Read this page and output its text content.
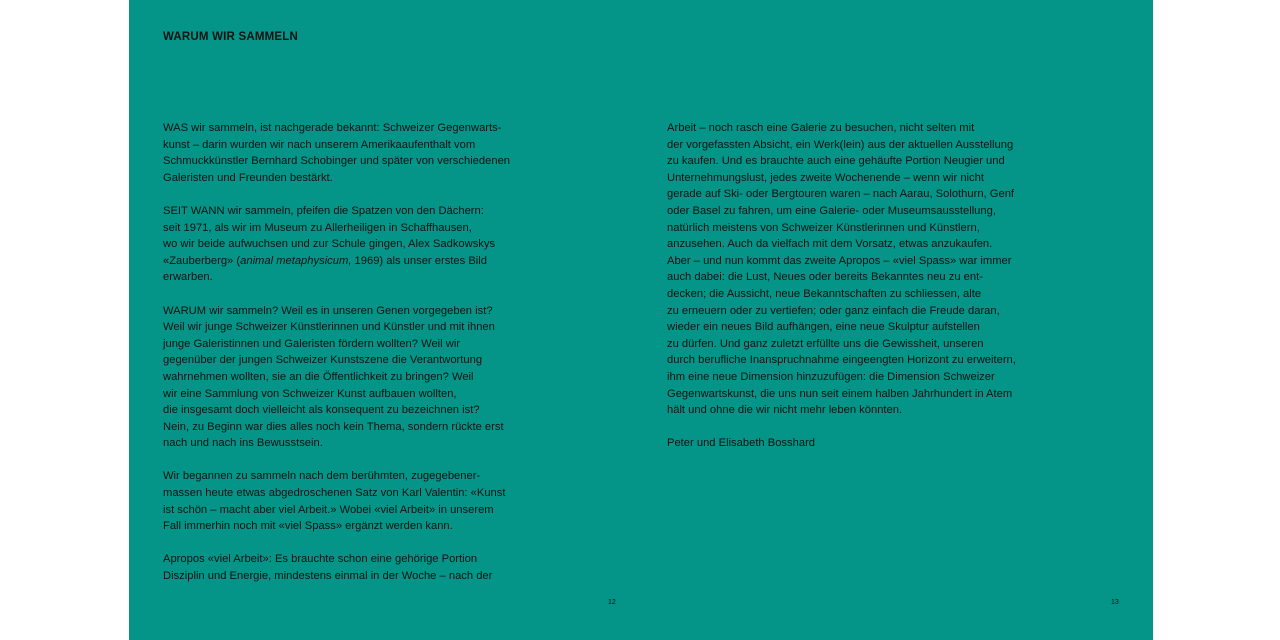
WARUM WIR SAMMELN

WAS wir sammeln, ist nachgerade bekannt: Schweizer Gegenwarts-
kunst – darin wurden wir nach unserem Amerikaaufenthalt vom
Schmuckkünstler Bernhard Schobinger und später von verschiedenen
Galeristen und Freunden bestärkt.

SEIT WANN wir sammeln, pfeifen die Spatzen von den Dächern:
seit 1971, als wir im Museum zu Allerheiligen in Schaffhausen,
wo wir beide aufwuchsen und zur Schule gingen, Alex Sadkowskys
«Zauberberg» (animal metaphysicum, 1969) als unser erstes Bild
erwarben.

WARUM wir sammeln? Weil es in unseren Genen vorgegeben ist?
Weil wir junge Schweizer Künstlerinnen und Künstler und mit ihnen
junge Galeristinnen und Galeristen fördern wollten? Weil wir
gegenüber der jungen Schweizer Kunstszene die Verantwortung
wahrnehmen wollten, sie an die Öffentlichkeit zu bringen? Weil
wir eine Sammlung von Schweizer Kunst aufbauen wollten,
die insgesamt doch vielleicht als konsequent zu bezeichnen ist?
Nein, zu Beginn war dies alles noch kein Thema, sondern rückte erst
nach und nach ins Bewusstsein.

Wir begannen zu sammeln nach dem berühmten, zugegebener-
massen heute etwas abgedroschenen Satz von Karl Valentin: «Kunst
ist schön – macht aber viel Arbeit.» Wobei «viel Arbeit» in unserem
Fall immerhin noch mit «viel Spass» ergänzt werden kann.

Apropos «viel Arbeit»: Es brauchte schon eine gehörige Portion
Disziplin und Energie, mindestens einmal in der Woche – nach der

12

Arbeit – noch rasch eine Galerie zu besuchen, nicht selten mit
der vorgefassten Absicht, ein Werk(lein) aus der aktuellen Ausstellung
zu kaufen. Und es brauchte auch eine gehäufte Portion Neugier und
Unternehmungslust, jedes zweite Wochenende – wenn wir nicht
gerade auf Ski- oder Bergtouren waren – nach Aarau, Solothurn, Genf
oder Basel zu fahren, um eine Galerie- oder Museumsausstellung,
natürlich meistens von Schweizer Künstlerinnen und Künstlern,
anzusehen. Auch da vielfach mit dem Vorsatz, etwas anzukaufen.
Aber – und nun kommt das zweite Apropos – «viel Spass» war immer
auch dabei: die Lust, Neues oder bereits Bekanntes neu zu ent-
decken; die Aussicht, neue Bekanntschaften zu schliessen, alte
zu erneuern oder zu vertiefen; oder ganz einfach die Freude daran,
wieder ein neues Bild aufhängen, eine neue Skulptur aufstellen
zu dürfen. Und ganz zuletzt erfüllte uns die Gewissheit, unseren
durch berufliche Inanspruchnahme eingeengten Horizont zu erweitern,
ihm eine neue Dimension hinzuzufügen: die Dimension Schweizer
Gegenwartskunst, die uns nun seit einem halben Jahrhundert in Atem
hält und ohne die wir nicht mehr leben könnten.

Peter und Elisabeth Bosshard

13
